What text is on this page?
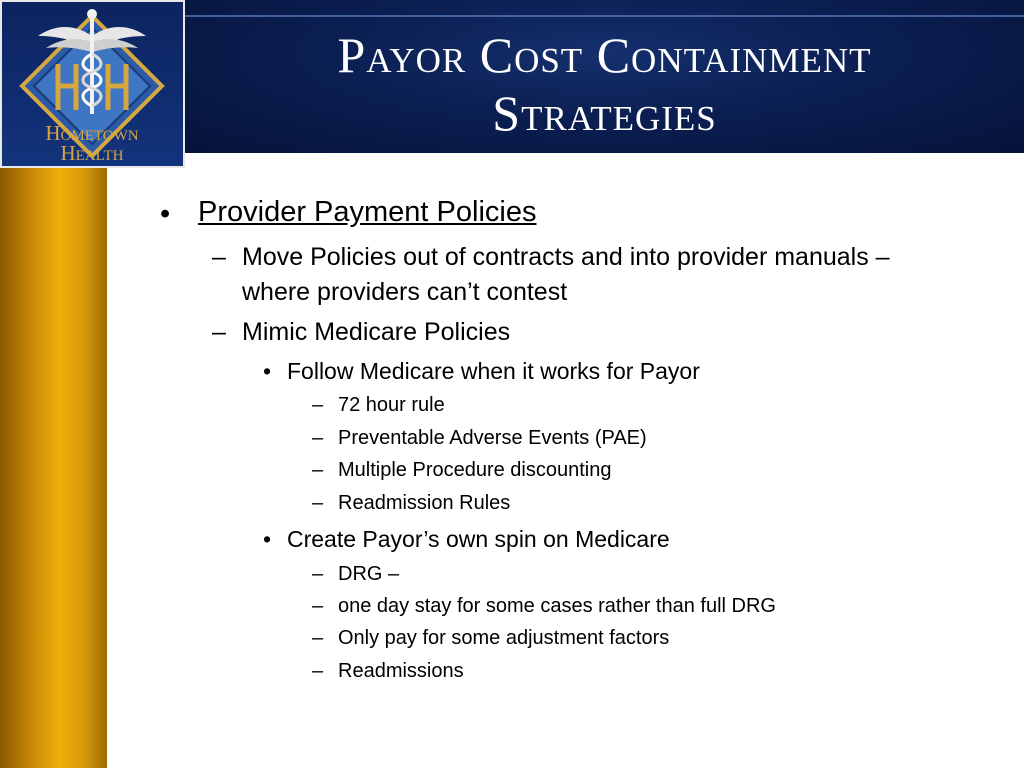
Payor Cost Containment
Strategies
Hometown
Health
• Provider Payment Policies
– Move Policies out of contracts and into provider manuals –
where providers can’t contest
– Mimic Medicare Policies
• Follow Medicare when it works for Payor
– 72 hour rule
– Preventable Adverse Events (PAE)
– Multiple Procedure discounting
– Readmission Rules
• Create Payor’s own spin on Medicare
– DRG –
– one day stay for some cases rather than full DRG
– Only pay for some adjustment factors
– Readmissions
